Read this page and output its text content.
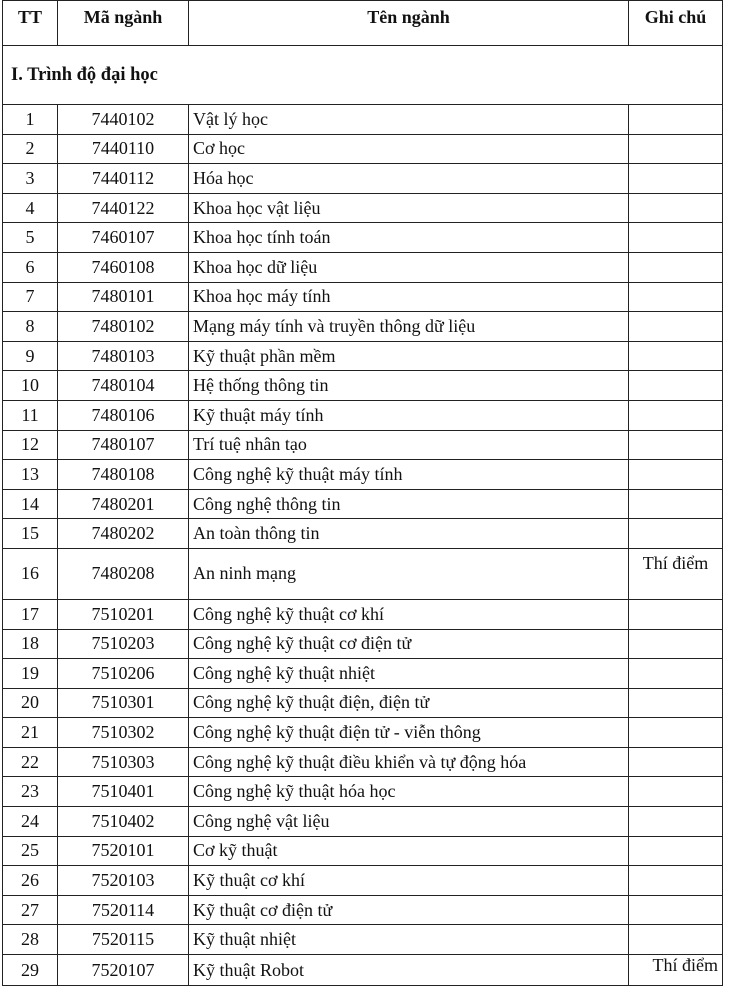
TT	Mã ngành	Tên ngành	Ghi chú
I. Trình độ đại học			
1	7440102	Vật lý học	
2	7440110	Cơ học	
3	7440112	Hóa học	
4	7440122	Khoa học vật liệu	
5	7460107	Khoa học tính toán	
6	7460108	Khoa học dữ liệu	
7	7480101	Khoa học máy tính	
8	7480102	Mạng máy tính và truyền thông dữ liệu	
9	7480103	Kỹ thuật phần mềm	
10	7480104	Hệ thống thông tin	
11	7480106	Kỹ thuật máy tính	
12	7480107	Trí tuệ nhân tạo	
13	7480108	Công nghệ kỹ thuật máy tính	
14	7480201	Công nghệ thông tin	
15	7480202	An toàn thông tin	
16	7480208	An ninh mạng	Thí điểm
17	7510201	Công nghệ kỹ thuật cơ khí	
18	7510203	Công nghệ kỹ thuật cơ điện tử	
19	7510206	Công nghệ kỹ thuật nhiệt	
20	7510301	Công nghệ kỹ thuật điện, điện tử	
21	7510302	Công nghệ kỹ thuật điện tử - viễn thông	
22	7510303	Công nghệ kỹ thuật điều khiển và tự động hóa	
23	7510401	Công nghệ kỹ thuật hóa học	
24	7510402	Công nghệ vật liệu	
25	7520101	Cơ kỹ thuật	
26	7520103	Kỹ thuật cơ khí	
27	7520114	Kỹ thuật cơ điện tử	
28	7520115	Kỹ thuật nhiệt	
29	7520107	Kỹ thuật Robot	Thí điểm
